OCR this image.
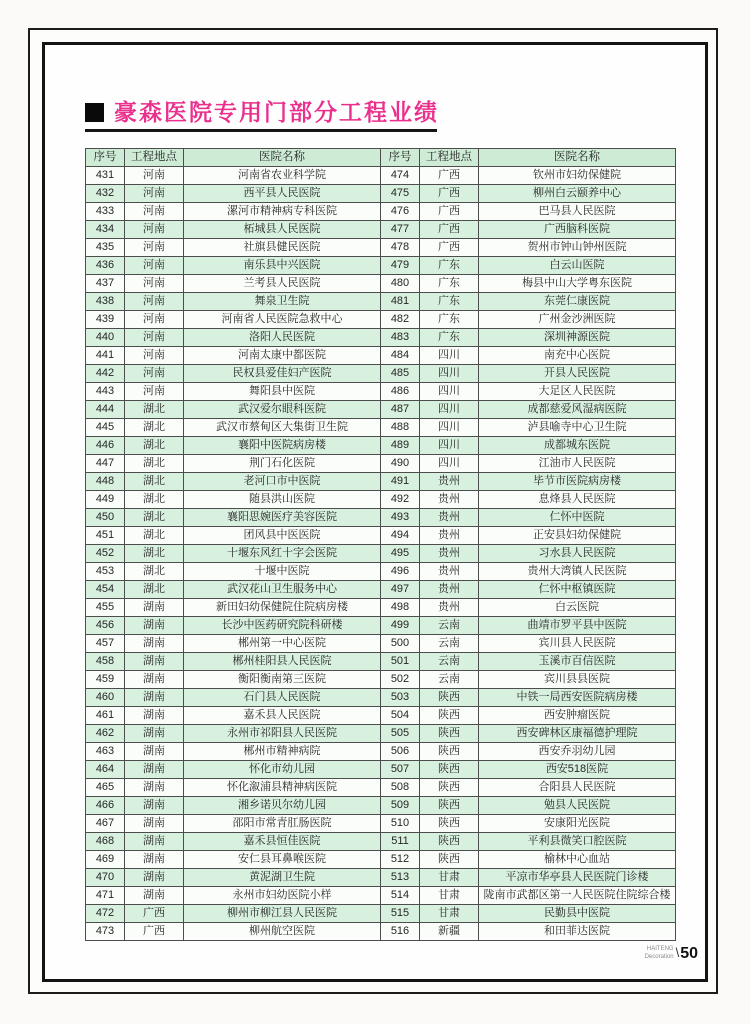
豪森医院专用门部分工程业绩
序号	工程地点	医院名称
431	河南	河南省农业科学院
432	河南	西平县人民医院
433	河南	漯河市精神病专科医院
434	河南	柘城县人民医院
435	河南	社旗县健民医院
436	河南	南乐县中兴医院
437	河南	兰考县人民医院
438	河南	舞泉卫生院
439	河南	河南省人民医院急救中心
440	河南	洛阳人民医院
441	河南	河南太康中都医院
442	河南	民权县爱佳妇产医院
443	河南	舞阳县中医院
444	湖北	武汉爱尔眼科医院
445	湖北	武汉市蔡甸区大集街卫生院
446	湖北	襄阳中医院病房楼
447	湖北	荆门石化医院
448	湖北	老河口市中医院
449	湖北	随县洪山医院
450	湖北	襄阳思婉医疗美容医院
451	湖北	团风县中医医院
452	湖北	十堰东风红十字会医院
453	湖北	十堰中医院
454	湖北	武汉花山卫生服务中心
455	湖南	新田妇幼保健院住院病房楼
456	湖南	长沙中医药研究院科研楼
457	湖南	郴州第一中心医院
458	湖南	郴州桂阳县人民医院
459	湖南	衡阳衡南第三医院
460	湖南	石门县人民医院
461	湖南	嘉禾县人民医院
462	湖南	永州市祁阳县人民医院
463	湖南	郴州市精神病院
464	湖南	怀化市幼儿园
465	湖南	怀化溆浦县精神病医院
466	湖南	湘乡诺贝尔幼儿园
467	湖南	邵阳市常青肛肠医院
468	湖南	嘉禾县恒佳医院
469	湖南	安仁县耳鼻喉医院
470	湖南	黄泥湖卫生院
471	湖南	永州市妇幼医院小样
472	广西	柳州市柳江县人民医院
473	广西	柳州航空医院
序号	工程地点	医院名称
474	广西	钦州市妇幼保健院
475	广西	柳州白云颐养中心
476	广西	巴马县人民医院
477	广西	广西脑科医院
478	广西	贺州市钟山钟州医院
479	广东	白云山医院
480	广东	梅县中山大学粤东医院
481	广东	东莞仁康医院
482	广东	广州金沙洲医院
483	广东	深圳神源医院
484	四川	南充中心医院
485	四川	开县人民医院
486	四川	大足区人民医院
487	四川	成都慈爱风湿病医院
488	四川	泸县喻寺中心卫生院
489	四川	成都城东医院
490	四川	江油市人民医院
491	贵州	毕节市医院病房楼
492	贵州	息烽县人民医院
493	贵州	仁怀中医院
494	贵州	正安县妇幼保健院
495	贵州	习水县人民医院
496	贵州	贵州大湾镇人民医院
497	贵州	仁怀中枢镇医院
498	贵州	白云医院
499	云南	曲靖市罗平县中医院
500	云南	宾川县人民医院
501	云南	玉溪市百信医院
502	云南	宾川县县医院
503	陕西	中铁一局西安医院病房楼
504	陕西	西安肿瘤医院
505	陕西	西安碑林区康福德护理院
506	陕西	西安乔羽幼儿园
507	陕西	西安518医院
508	陕西	合阳县人民医院
509	陕西	勉县人民医院
510	陕西	安康阳光医院
511	陕西	平利县微笑口腔医院
512	陕西	榆林中心血站
513	甘肃	平凉市华亭县人民医院门诊楼
514	甘肃	陇南市武都区第一人民医院住院综合楼
515	甘肃	民勤县中医院
516	新疆	和田菲达医院
HAITENG
Decoration \ 50
